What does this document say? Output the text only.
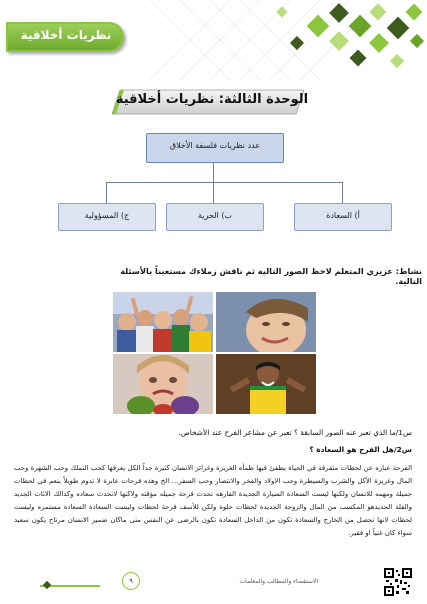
نظريات أخلاقية
الوحدة الثالثة: نظريات أخلاقية
عدد نظريات فلسفة الأخلاق
أ) السعادة
ب) الحرية
ج) المسؤولية
نشاط: عزيزي المتعلم لاحظ الصور التالية ثم ناقش زملاءك مستعيناً بالأسئلة التالية.
س1/ما الذي تعبر عنه الصور السابقة ؟ تعبر عن مشاعر الفرح عند الأشخاص.
س2/هل الفرح هو السعادة ؟
الفرحة عباره عن لحظات متفرقة في الحياة يطفئ فيها ظمأه الغريزة وغرائز الانسان كثيرة جداً الكل يعرفها كحب التملك وحب الشهرة وحب المال وغريزة الأكل والشرب والسيطرة وحب الاولاد والفخر والانتصار وحب السفر... الخ وهذه فرحات عابرة لا تدوم طويلاً ينعم في لحظات جميلة ومهمه للانسان ولكنها ليست السعادة السيارة الجديدة الفارهه تحدث فرحة جميله مؤقته ولاكنها لاتحدث سعاده وكذالك الاثاث الجديد والفلة الجديدهو المكسب من المال والزوجة الجديدة لحظات حلوة ولكن للأسف فرحة لحظات وليست السعادة السعادة مستمره وليست لحظات لانها تحصل من الخارج والسعادة تكون من الداخل السعادة تكون بالرضى عن النفس متى ماكان ضمير الانسان مرتاح يكون سعيد سواء كان غنياً او فقير.
٩	الاستقصاء والمطالب والمعلمات
